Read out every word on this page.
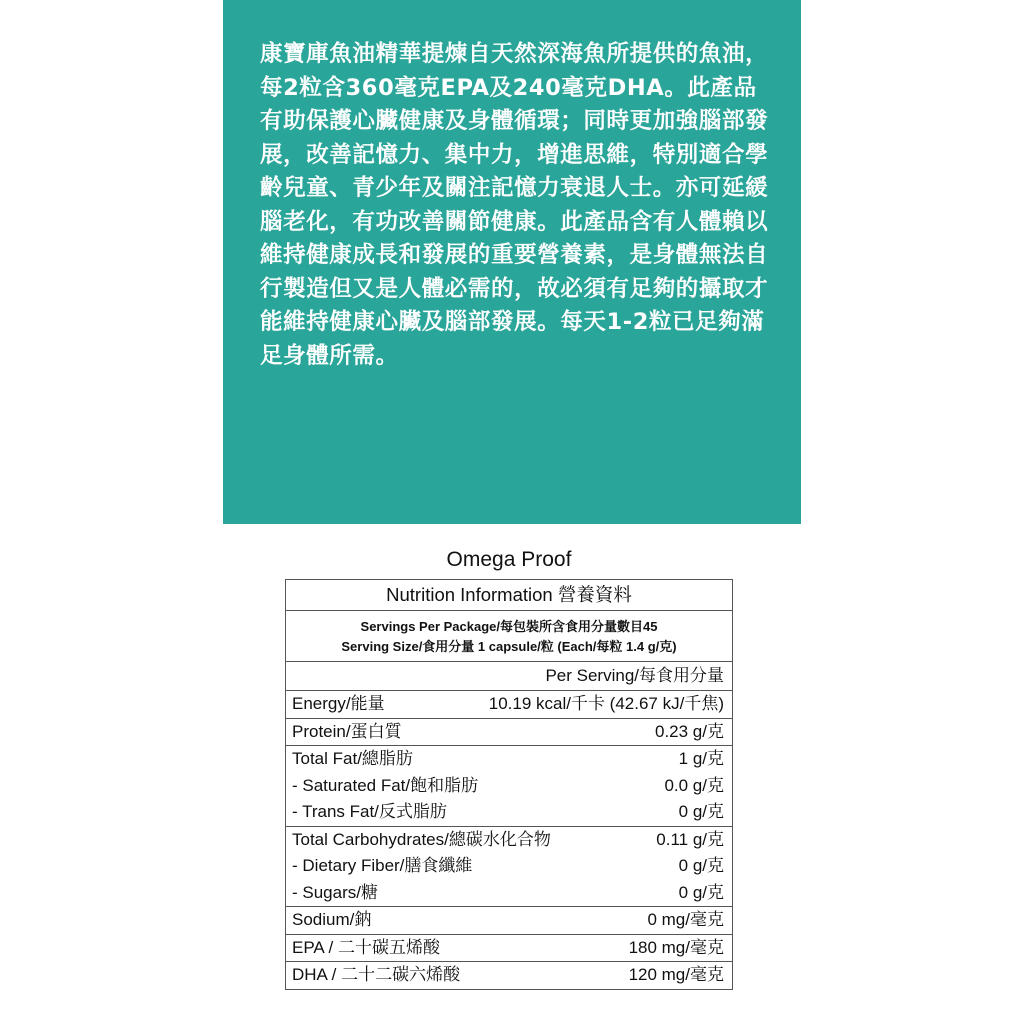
康寶庫魚油精華提煉自天然深海魚所提供的魚油，每2粒含360毫克EPA及240毫克DHA。此產品有助保護心臟健康及身體循環；同時更加強腦部發展，改善記憶力、集中力，增進思維，特別適合學齡兒童、青少年及關注記憶力衰退人士。亦可延緩腦老化，有功改善關節健康。此產品含有人體賴以維持健康成長和發展的重要營養素，是身體無法自行製造但又是人體必需的，故必須有足夠的攝取才能維持健康心臟及腦部發展。每天1-2粒已足夠滿足身體所需。

Omega Proof
Nutrition Information 營養資料
Servings Per Package/每包裝所含食用分量數目45
Serving Size/食用分量 1 capsule/粒 (Each/每粒 1.4 g/克)
Per Serving/每食用分量
Energy/能量	10.19 kcal/千卡 (42.67 kJ/千焦)
Protein/蛋白質	0.23 g/克
Total Fat/總脂肪	1 g/克
- Saturated Fat/飽和脂肪	0.0 g/克
- Trans Fat/反式脂肪	0 g/克
Total Carbohydrates/總碳水化合物	0.11 g/克
- Dietary Fiber/膳食纖維	0 g/克
- Sugars/糖	0 g/克
Sodium/鈉	0 mg/毫克
EPA / 二十碳五烯酸	180 mg/毫克
DHA / 二十二碳六烯酸	120 mg/毫克
